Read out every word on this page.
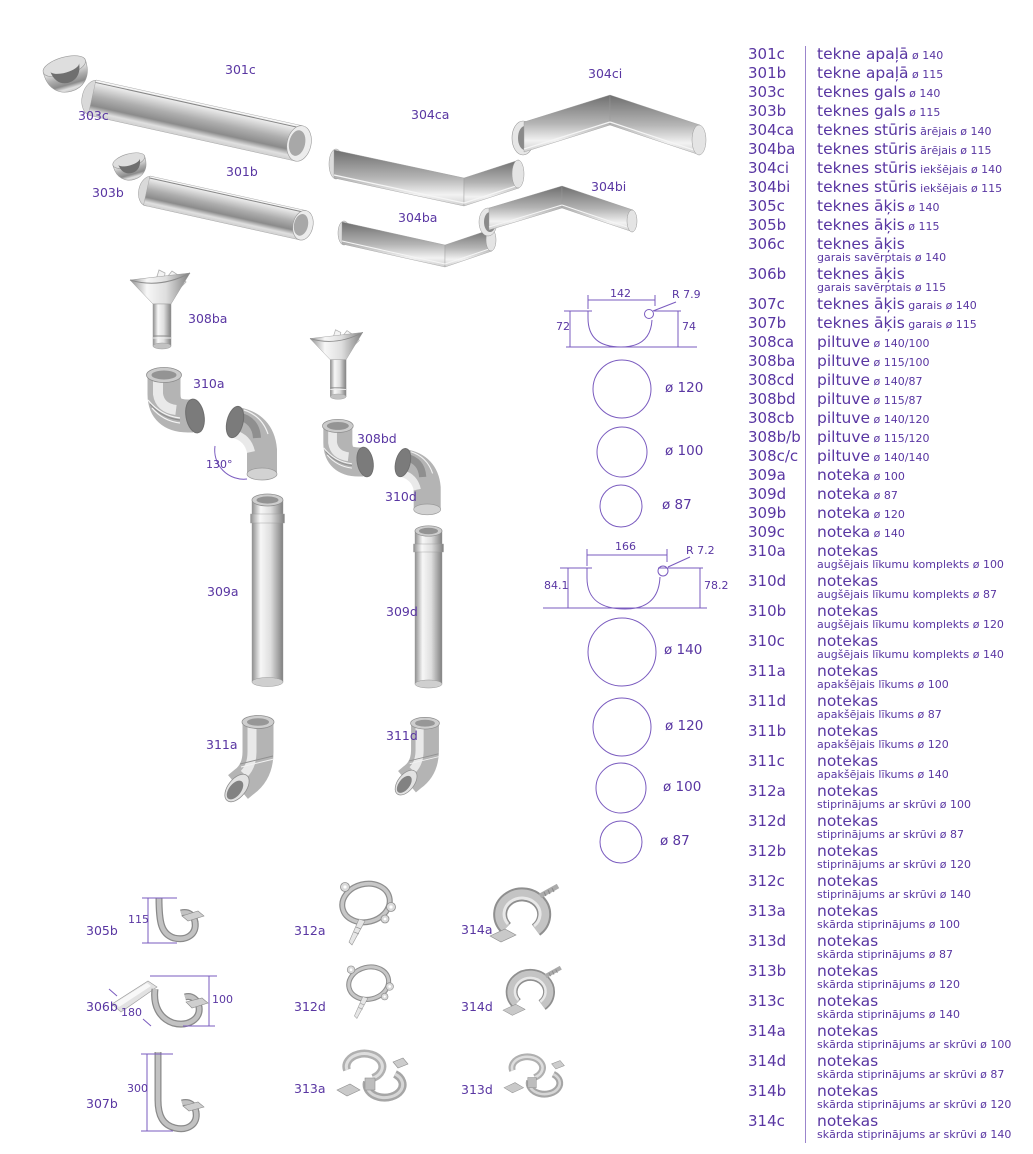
301c
303c
301b
303b
304ca
304ci
304ba
304bi
308ba
310a
130°
308bd
310d
309a
309d
311a
311d
305b
306b
307b
312a
312d
313a
314a
314d
313d
115
180
100
300
142	R 7.9
72	74
166	R 7.2
84.1	78.2
ø 120
ø 100
ø 87
ø 140
ø 120
ø 100
ø 87
301c	tekne apaļā ø 140
301b	tekne apaļā ø 115
303c	teknes gals ø 140
303b	teknes gals ø 115
304ca	teknes stūris ārējais ø 140
304ba	teknes stūris ārējais ø 115
304ci	teknes stūris iekšējais ø 140
304bi	teknes stūris iekšējais ø 115
305c	teknes āķis ø 140
305b	teknes āķis ø 115
306c	teknes āķis
garais savērptais ø 140
306b	teknes āķis
garais savērptais ø 115
307c	teknes āķis garais ø 140
307b	teknes āķis garais ø 115
308ca	piltuve ø 140/100
308ba	piltuve ø 115/100
308cd	piltuve ø 140/87
308bd	piltuve ø 115/87
308cb	piltuve ø 140/120
308b/b piltuve ø 115/120
308c/c	piltuve ø 140/140
309a	noteka ø 100
309d	noteka ø 87
309b	noteka ø 120
309c	noteka ø 140
310a	notekas
augšējais līkumu komplekts ø 100
310d	notekas
augšējais līkumu komplekts ø 87
310b	notekas
augšējais līkumu komplekts ø 120
310c	notekas
augšējais līkumu komplekts ø 140
311a	notekas
apakšējais līkums ø 100
311d	notekas
apakšējais līkums ø 87
311b	notekas
apakšējais līkums ø 120
311c	notekas
apakšējais līkums ø 140
312a	notekas
stiprinājums ar skrūvi ø 100
312d	notekas
stiprinājums ar skrūvi ø 87
312b	notekas
stiprinājums ar skrūvi ø 120
312c	notekas
stiprinājums ar skrūvi ø 140
313a	notekas
skārda stiprinājums ø 100
313d	notekas
skārda stiprinājums ø 87
313b	notekas
skārda stiprinājums ø 120
313c	notekas
skārda stiprinājums ø 140
314a	notekas
skārda stiprinājums ar skrūvi ø 100
314d	notekas
skārda stiprinājums ar skrūvi ø 87
314b	notekas
skārda stiprinājums ar skrūvi ø 120
314c	notekas
skārda stiprinājums ar skrūvi ø 140
